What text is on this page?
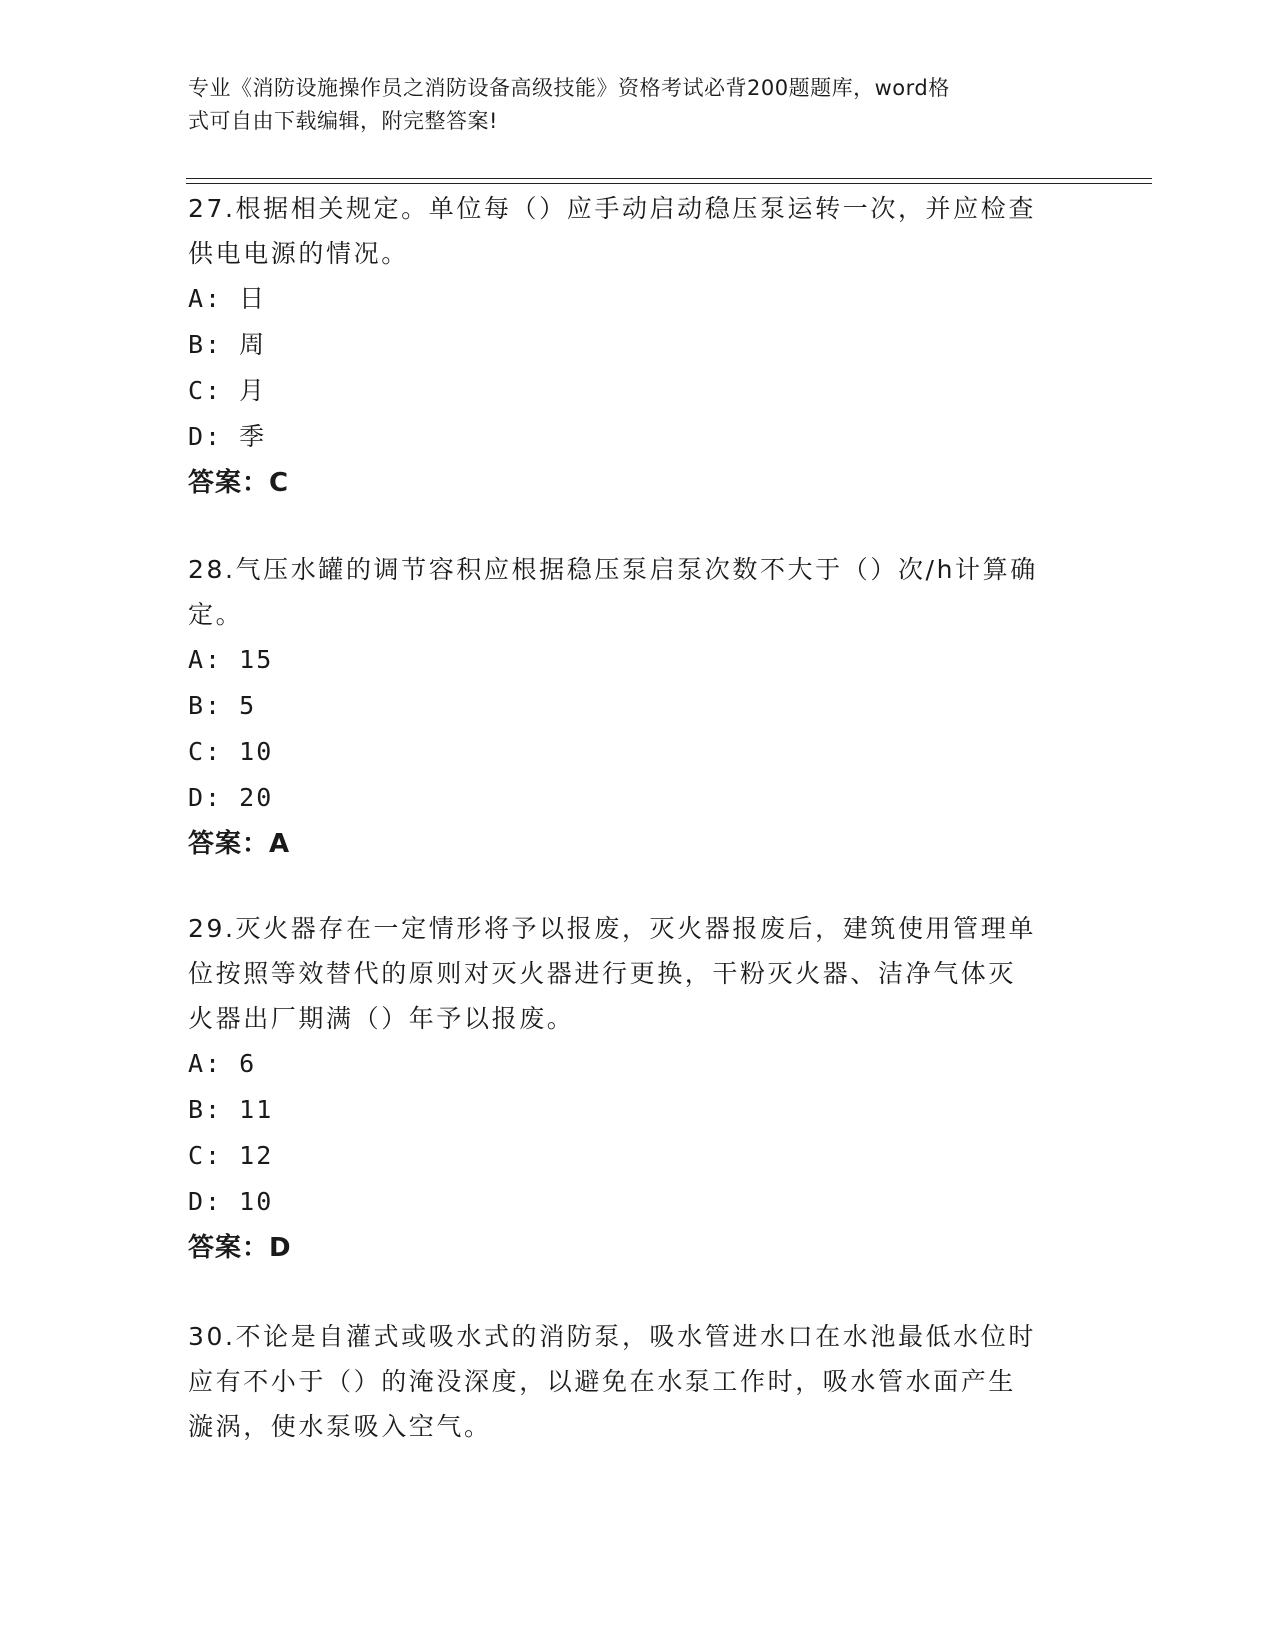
专业《消防设施操作员之消防设备高级技能》资格考试必背200题题库，word格
式可自由下载编辑，附完整答案!

27.根据相关规定。单位每（）应手动启动稳压泵运转一次，并应检查

供电电源的情况。

A: 日

B: 周

C: 月

D: 季

答案：C

28.气压水罐的调节容积应根据稳压泵启泵次数不大于（）次/h计算确

定。

A: 15

B: 5

C: 10

D: 20

答案：A

29.灭火器存在一定情形将予以报废，灭火器报废后，建筑使用管理单

位按照等效替代的原则对灭火器进行更换，干粉灭火器、洁净气体灭

火器出厂期满（）年予以报废。

A: 6

B: 11

C: 12

D: 10

答案：D

30.不论是自灌式或吸水式的消防泵，吸水管进水口在水池最低水位时

应有不小于（）的淹没深度，以避免在水泵工作时，吸水管水面产生

漩涡，使水泵吸入空气。
